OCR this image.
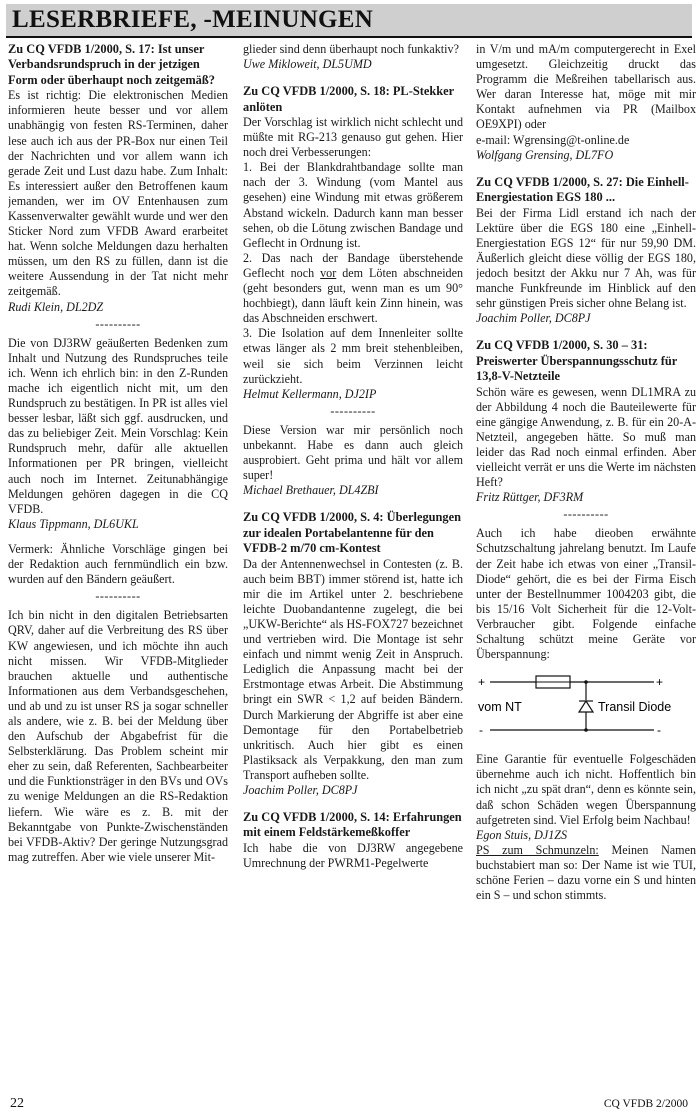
LESERBRIEFE, -MEINUNGEN

Zu CQ VFDB 1/2000, S. 17: Ist unser Verbandsrundspruch in der jetzigen Form oder überhaupt noch zeitgemäß?

Es ist richtig: Die elektronischen Medien informieren heute besser und vor allem unabhängig von festen RS-Terminen, daher lese auch ich aus der PR-Box nur einen Teil der Nachrichten und vor allem wann ich gerade Zeit und Lust dazu habe. Zum Inhalt: Es interessiert außer den Betroffenen kaum jemanden, wer im OV Entenhausen zum Kassenverwalter gewählt wurde und wer den Sticker Nord zum VFDB Award erarbeitet hat. Wenn solche Meldungen dazu herhalten müssen, um den RS zu füllen, dann ist die weitere Aussendung in der Tat nicht mehr zeitgemäß.

Rudi Klein, DL2DZ

----------

Die von DJ3RW geäußerten Bedenken zum Inhalt und Nutzung des Rundspruches teile ich. Wenn ich ehrlich bin: in den Z-Runden mache ich eigentlich nicht mit, um den Rundspruch zu bestätigen. In PR ist alles viel besser lesbar, läßt sich ggf. ausdrucken, und das zu beliebiger Zeit. Mein Vorschlag: Kein Rundspruch mehr, dafür alle aktuellen Informationen per PR bringen, vielleicht auch noch im Internet. Zeitunabhängige Meldungen gehören dagegen in die CQ VFDB.

Klaus Tippmann, DL6UKL

Vermerk: Ähnliche Vorschläge gingen bei der Redaktion auch fernmündlich ein bzw. wurden auf den Bändern geäußert.

----------

Ich bin nicht in den digitalen Betriebsarten QRV, daher auf die Verbreitung des RS über KW angewiesen, und ich möchte ihn auch nicht missen. Wir VFDB-Mitglieder brauchen aktuelle und authentische Informationen aus dem Verbandsgeschehen, und ab und zu ist unser RS ja sogar schneller als andere, wie z. B. bei der Meldung über den Aufschub der Abgabefrist für die Selbsterklärung. Das Problem scheint mir eher zu sein, daß Referenten, Sachbearbeiter und die Funktionsträger in den BVs und OVs zu wenige Meldungen an die RS-Redaktion liefern. Wie wäre es z. B. mit der Bekanntgabe von Punkte-Zwischenständen bei VFDB-Aktiv? Der geringe Nutzungsgrad mag zutreffen. Aber wie viele unserer Mit-

glieder sind denn überhaupt noch funkaktiv?

Uwe Mikloweit, DL5UMD

Zu CQ VFDB 1/2000, S. 18: PL-Stekker anlöten

Der Vorschlag ist wirklich nicht schlecht und müßte mit RG-213 genauso gut gehen. Hier noch drei Verbesserungen:

1. Bei der Blankdrahtbandage sollte man nach der 3. Windung (vom Mantel aus gesehen) eine Windung mit etwas größerem Abstand wickeln. Dadurch kann man besser sehen, ob die Lötung zwischen Bandage und Geflecht in Ordnung ist.

2. Das nach der Bandage überstehende Geflecht noch vor dem Löten abschneiden (geht besonders gut, wenn man es um 90° hochbiegt), dann läuft kein Zinn hinein, was das Abschneiden erschwert.

3. Die Isolation auf dem Innenleiter sollte etwas länger als 2 mm breit stehenbleiben, weil sie sich beim Verzinnen leicht zurückzieht.

Helmut Kellermann, DJ2IP

----------

Diese Version war mir persönlich noch unbekannt. Habe es dann auch gleich ausprobiert. Geht prima und hält vor allem super!

Michael Brethauer, DL4ZBI

Zu CQ VFDB 1/2000, S. 4: Überlegungen zur idealen Portabelantenne für den VFDB-2 m/70 cm-Kontest

Da der Antennenwechsel in Contesten (z. B. auch beim BBT) immer störend ist, hatte ich mir die im Artikel unter 2. beschriebene leichte Duobandantenne zugelegt, die bei „UKW-Berichte“ als HS-FOX727 bezeichnet und vertrieben wird. Die Montage ist sehr einfach und nimmt wenig Zeit in Anspruch. Lediglich die Anpassung macht bei der Erstmontage etwas Arbeit. Die Abstimmung bringt ein SWR < 1,2 auf beiden Bändern. Durch Markierung der Abgriffe ist aber eine Demontage für den Portabelbetrieb unkritisch. Auch hier gibt es einen Plastiksack als Verpakkung, den man zum Transport aufheben sollte.

Joachim Poller, DC8PJ

Zu CQ VFDB 1/2000, S. 14: Erfahrungen mit einem Feldstärkemeßkoffer

Ich habe die von DJ3RW angegebene Umrechnung der PWRM1-Pegelwerte

in V/m und mA/m computergerecht in Exel umgesetzt. Gleichzeitig druckt das Programm die Meßreihen tabellarisch aus. Wer daran Interesse hat, möge mit mir Kontakt aufnehmen via PR (Mailbox OE9XPI) oder

e-mail: Wgrensing@t-online.de

Wolfgang Grensing, DL7FO

Zu CQ VFDB 1/2000, S. 27: Die Einhell-Energiestation EGS 180 ...

Bei der Firma Lidl erstand ich nach der Lektüre über die EGS 180 eine „Einhell-Energiestation EGS 12“ für nur 59,90 DM. Äußerlich gleicht diese völlig der EGS 180, jedoch besitzt der Akku nur 7 Ah, was für manche Funkfreunde im Hinblick auf den sehr günstigen Preis sicher ohne Belang ist.

Joachim Poller, DC8PJ

Zu CQ VFDB 1/2000, S. 30 – 31: Preiswerter Überspannungsschutz für 13,8-V-Netzteile

Schön wäre es gewesen, wenn DL1MRA zu der Abbildung 4 noch die Bauteilewerte für eine gängige Anwendung, z. B. für ein 20-A-Netzteil, angegeben hätte. So muß man leider das Rad noch einmal erfinden. Aber vielleicht verrät er uns die Werte im nächsten Heft?

Fritz Rüttger, DF3RM

----------

Auch ich habe dieoben erwähnte Schutzschaltung jahrelang benutzt. Im Laufe der Zeit habe ich etwas von einer „Transil-Diode“ gehört, die es bei der Firma Eisch unter der Bestellnummer 1004203 gibt, die bis 15/16 Volt Sicherheit für die 12-Volt-Verbraucher gibt. Folgende einfache Schaltung schützt meine Geräte vor Überspannung:

+	+
-	-
vom NT	Transil Diode

Eine Garantie für eventuelle Folgeschäden übernehme auch ich nicht. Hoffentlich bin ich nicht „zu spät dran“, denn es könnte sein, daß schon Schäden wegen Überspannung aufgetreten sind. Viel Erfolg beim Nachbau!

Egon Stuis, DJ1ZS

PS zum Schmunzeln: Meinen Namen buchstabiert man so: Der Name ist wie TUI, schöne Ferien – dazu vorne ein S und hinten ein S – und schon stimmts.

22	CQ VFDB 2/2000
